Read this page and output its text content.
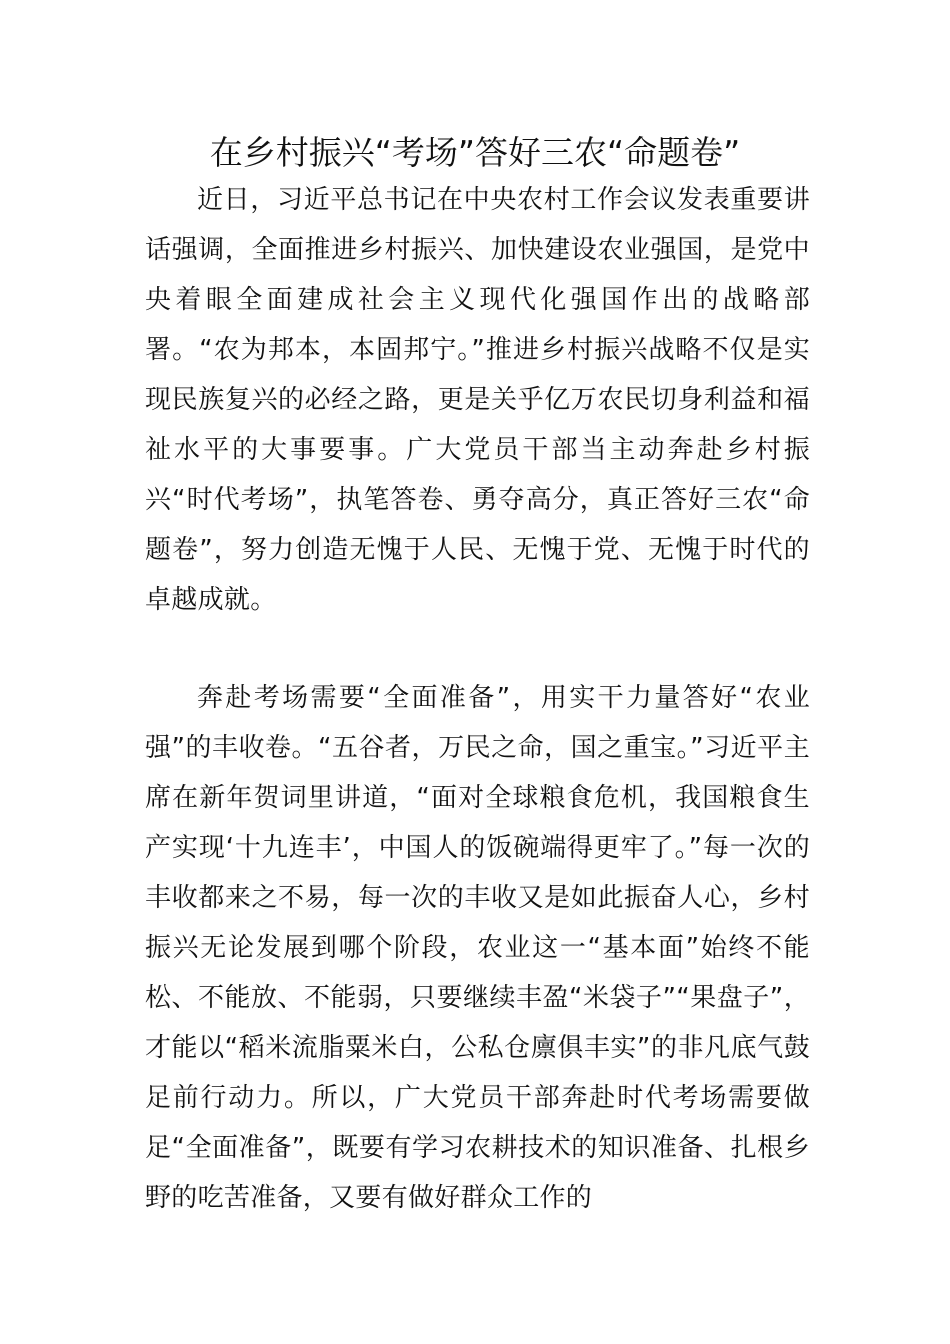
在乡村振兴“考场”答好三农“命题卷”

近日，习近平总书记在中央农村工作会议发表重要讲话强调，全面推进乡村振兴、加快建设农业强国，是党中央着眼全面建成社会主义现代化强国作出的战略部署。“农为邦本，本固邦宁。”推进乡村振兴战略不仅是实现民族复兴的必经之路，更是关乎亿万农民切身利益和福祉水平的大事要事。广大党员干部当主动奔赴乡村振兴“时代考场”，执笔答卷、勇夺高分，真正答好三农“命题卷”，努力创造无愧于人民、无愧于党、无愧于时代的卓越成就。

奔赴考场需要“全面准备”，用实干力量答好“农业强”的丰收卷。“五谷者，万民之命，国之重宝。”习近平主席在新年贺词里讲道，“面对全球粮食危机，我国粮食生产实现‘十九连丰’，中国人的饭碗端得更牢了。”每一次的丰收都来之不易，每一次的丰收又是如此振奋人心，乡村振兴无论发展到哪个阶段，农业这一“基本面”始终不能松、不能放、不能弱，只要继续丰盈“米袋子”“果盘子”，才能以“稻米流脂粟米白，公私仓廪俱丰实”的非凡底气鼓足前行动力。所以，广大党员干部奔赴时代考场需要做足“全面准备”，既要有学习农耕技术的知识准备、扎根乡野的吃苦准备，又要有做好群众工作的
